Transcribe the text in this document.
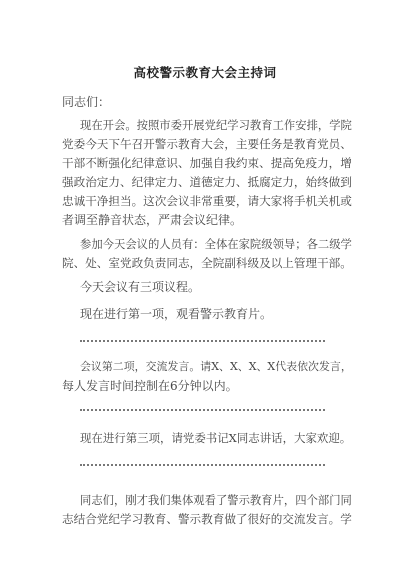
高校警示教育大会主持词
同志们：
现在开会。按照市委开展党纪学习教育工作安排，学院
党委今天下午召开警示教育大会，主要任务是教育党员、
干部不断强化纪律意识、加强自我约束、提高免疫力，增
强政治定力、纪律定力、道德定力、抵腐定力，始终做到
忠诚干净担当。这次会议非常重要，请大家将手机关机或
者调至静音状态，严肃会议纪律。
参加今天会议的人员有：全体在家院级领导；各二级学
院、处、室党政负责同志，全院副科级及以上管理干部。
今天会议有三项议程。
现在进行第一项，观看警示教育片。
会议第二项，交流发言。请X、X、X、X代表依次发言，
每人发言时间控制在6分钟以内。
现在进行第三项，请党委书记X同志讲话，大家欢迎。
同志们，刚才我们集体观看了警示教育片，四个部门同
志结合党纪学习教育、警示教育做了很好的交流发言。学
